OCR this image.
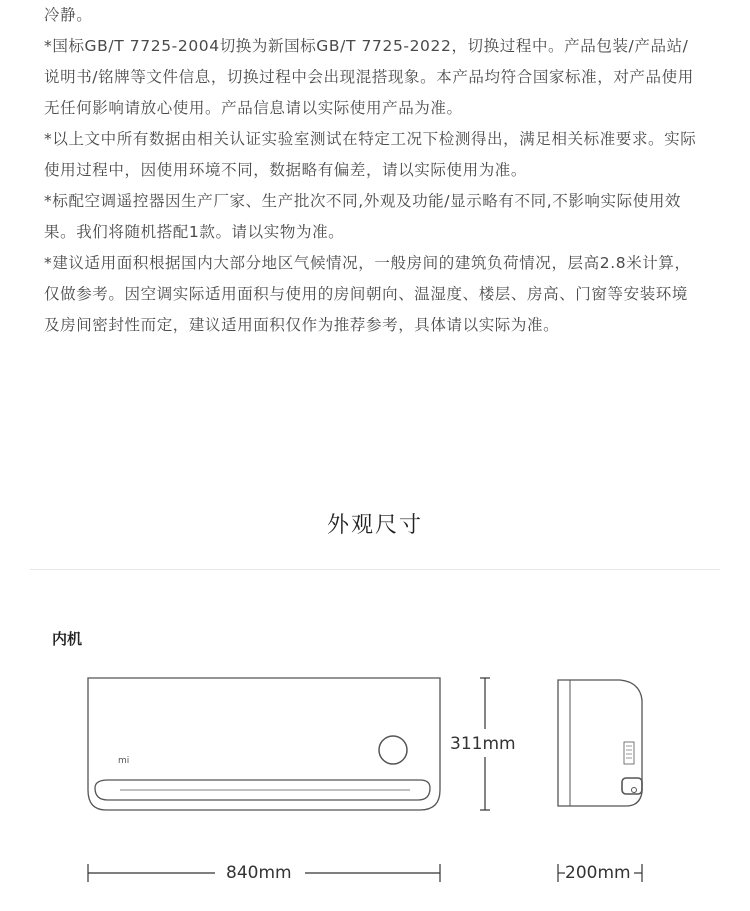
冷静。

*国标GB/T 7725-2004切换为新国标GB/T 7725-2022，切换过程中。产品包装/产品站/说明书/铭牌等文件信息，切换过程中会出现混搭现象。本产品均符合国家标准，对产品使用无任何影响请放心使用。产品信息请以实际使用产品为准。

*以上文中所有数据由相关认证实验室测试在特定工况下检测得出，满足相关标准要求。实际使用过程中，因使用环境不同，数据略有偏差，请以实际使用为准。

*标配空调遥控器因生产厂家、生产批次不同,外观及功能/显示略有不同,不影响实际使用效果。我们将随机搭配1款。请以实物为准。

*建议适用面积根据国内大部分地区气候情况，一般房间的建筑负荷情况，层高2.8米计算，仅做参考。因空调实际适用面积与使用的房间朝向、温湿度、楼层、房高、门窗等安装环境及房间密封性而定，建议适用面积仅作为推荐参考，具体请以实际为准。

外观尺寸
内机
mi
311mm
840mm	200mm
